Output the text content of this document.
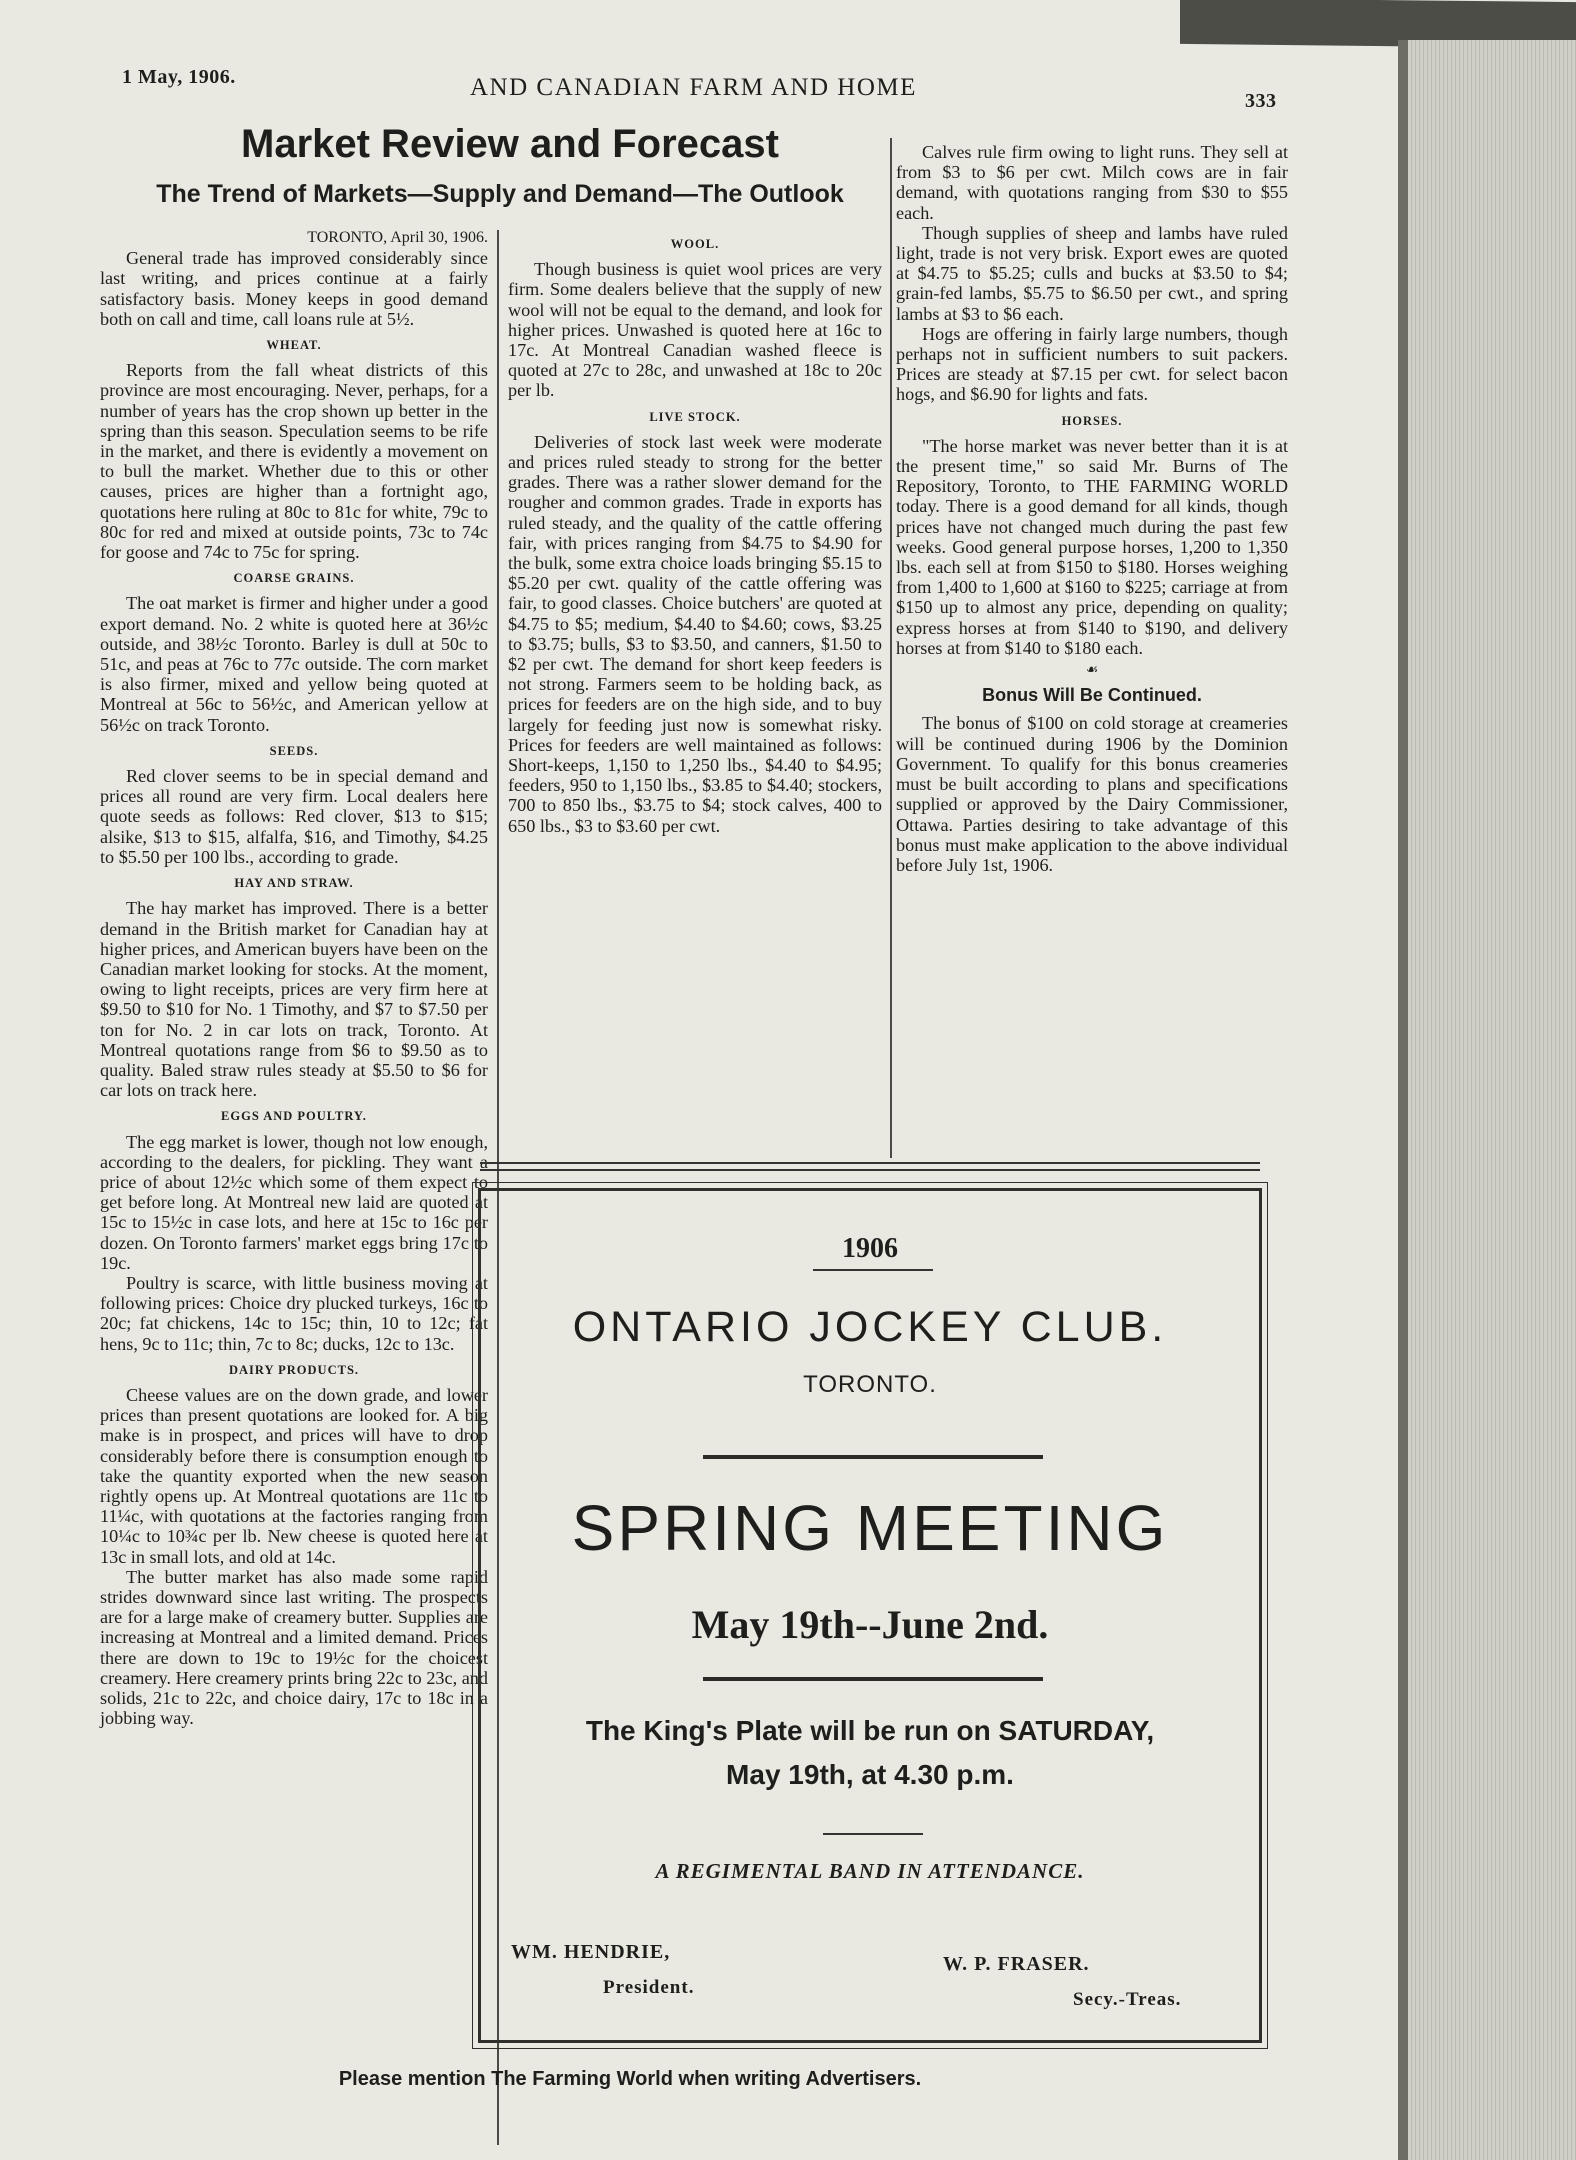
1 May, 1906.	AND CANADIAN FARM AND HOME	333
Market Review and Forecast
The Trend of Markets—Supply and Demand—The Outlook

TORONTO, April 30, 1906.

General trade has improved considerably since last writing, and prices continue at a fairly satisfactory basis. Money keeps in good demand both on call and time, call loans rule at 5½.

WHEAT.

Reports from the fall wheat districts of this province are most encouraging. Never, perhaps, for a number of years has the crop shown up better in the spring than this season. Speculation seems to be rife in the market, and there is evidently a movement on to bull the market. Whether due to this or other causes, prices are higher than a fortnight ago, quotations here ruling at 80c to 81c for white, 79c to 80c for red and mixed at outside points, 73c to 74c for goose and 74c to 75c for spring.

COARSE GRAINS.

The oat market is firmer and higher under a good export demand. No. 2 white is quoted here at 36½c outside, and 38½c Toronto. Barley is dull at 50c to 51c, and peas at 76c to 77c outside. The corn market is also firmer, mixed and yellow being quoted at Montreal at 56c to 56½c, and American yellow at 56½c on track Toronto.

SEEDS.

Red clover seems to be in special demand and prices all round are very firm. Local dealers here quote seeds as follows: Red clover, $13 to $15; alsike, $13 to $15, alfalfa, $16, and Timothy, $4.25 to $5.50 per 100 lbs., according to grade.

HAY AND STRAW.

The hay market has improved. There is a better demand in the British market for Canadian hay at higher prices, and American buyers have been on the Canadian market looking for stocks. At the moment, owing to light receipts, prices are very firm here at $9.50 to $10 for No. 1 Timothy, and $7 to $7.50 per ton for No. 2 in car lots on track, Toronto. At Montreal quotations range from $6 to $9.50 as to quality. Baled straw rules steady at $5.50 to $6 for car lots on track here.

EGGS AND POULTRY.

The egg market is lower, though not low enough, according to the dealers, for pickling. They want a price of about 12½c which some of them expect to get before long. At Montreal new laid are quoted at 15c to 15½c in case lots, and here at 15c to 16c per dozen. On Toronto farmers' market eggs bring 17c to 19c.

Poultry is scarce, with little business moving at following prices: Choice dry plucked turkeys, 16c to 20c; fat chickens, 14c to 15c; thin, 10 to 12c; fat hens, 9c to 11c; thin, 7c to 8c; ducks, 12c to 13c.

DAIRY PRODUCTS.

Cheese values are on the down grade, and lower prices than present quotations are looked for. A big make is in prospect, and prices will have to drop considerably before there is consumption enough to take the quantity exported when the new season rightly opens up. At Montreal quotations are 11c to 11¼c, with quotations at the factories ranging from 10¼c to 10¾c per lb. New cheese is quoted here at 13c in small lots, and old at 14c.

The butter market has also made some rapid strides downward since last writing. The prospects are for a large make of creamery butter. Supplies are increasing at Montreal and a limited demand. Prices there are down to 19c to 19½c for the choicest creamery. Here creamery prints bring 22c to 23c, and solids, 21c to 22c, and choice dairy, 17c to 18c in a jobbing way.

WOOL.

Though business is quiet wool prices are very firm. Some dealers believe that the supply of new wool will not be equal to the demand, and look for higher prices. Unwashed is quoted here at 16c to 17c. At Montreal Canadian washed fleece is quoted at 27c to 28c, and unwashed at 18c to 20c per lb.

LIVE STOCK.

Deliveries of stock last week were moderate and prices ruled steady to strong for the better grades. There was a rather slower demand for the rougher and common grades. Trade in exports has ruled steady, and the quality of the cattle offering fair, with prices ranging from $4.75 to $4.90 for the bulk, some extra choice loads bringing $5.15 to $5.20 per cwt. quality of the cattle offering was fair, to good classes. Choice butchers' are quoted at $4.75 to $5; medium, $4.40 to $4.60; cows, $3.25 to $3.75; bulls, $3 to $3.50, and canners, $1.50 to $2 per cwt. The demand for short keep feeders is not strong. Farmers seem to be holding back, as prices for feeders are on the high side, and to buy largely for feeding just now is somewhat risky. Prices for feeders are well maintained as follows: Short-keeps, 1,150 to 1,250 lbs., $4.40 to $4.95; feeders, 950 to 1,150 lbs., $3.85 to $4.40; stockers, 700 to 850 lbs., $3.75 to $4; stock calves, 400 to 650 lbs., $3 to $3.60 per cwt.

Calves rule firm owing to light runs. They sell at from $3 to $6 per cwt. Milch cows are in fair demand, with quotations ranging from $30 to $55 each.

Though supplies of sheep and lambs have ruled light, trade is not very brisk. Export ewes are quoted at $4.75 to $5.25; culls and bucks at $3.50 to $4; grain-fed lambs, $5.75 to $6.50 per cwt., and spring lambs at $3 to $6 each.

Hogs are offering in fairly large numbers, though perhaps not in sufficient numbers to suit packers. Prices are steady at $7.15 per cwt. for select bacon hogs, and $6.90 for lights and fats.

HORSES.

"The horse market was never better than it is at the present time," so said Mr. Burns of The Repository, Toronto, to THE FARMING WORLD today. There is a good demand for all kinds, though prices have not changed much during the past few weeks. Good general purpose horses, 1,200 to 1,350 lbs. each sell at from $150 to $180. Horses weighing from 1,400 to 1,600 at $160 to $225; carriage at from $150 up to almost any price, depending on quality; express horses at from $140 to $190, and delivery horses at from $140 to $180 each.

☙
Bonus Will Be Continued.

The bonus of $100 on cold storage at creameries will be continued during 1906 by the Dominion Government. To qualify for this bonus creameries must be built according to plans and specifications supplied or approved by the Dairy Commissioner, Ottawa. Parties desiring to take advantage of this bonus must make application to the above individual before July 1st, 1906.

1906
ONTARIO JOCKEY CLUB.
TORONTO.
SPRING MEETING
May 19th--June 2nd.
The King's Plate will be run on SATURDAY,
May 19th, at 4.30 p.m.
A REGIMENTAL BAND IN ATTENDANCE.
WM. HENDRIE,
President.
W. P. FRASER.
Secy.-Treas.
Please mention The Farming World when writing Advertisers.
